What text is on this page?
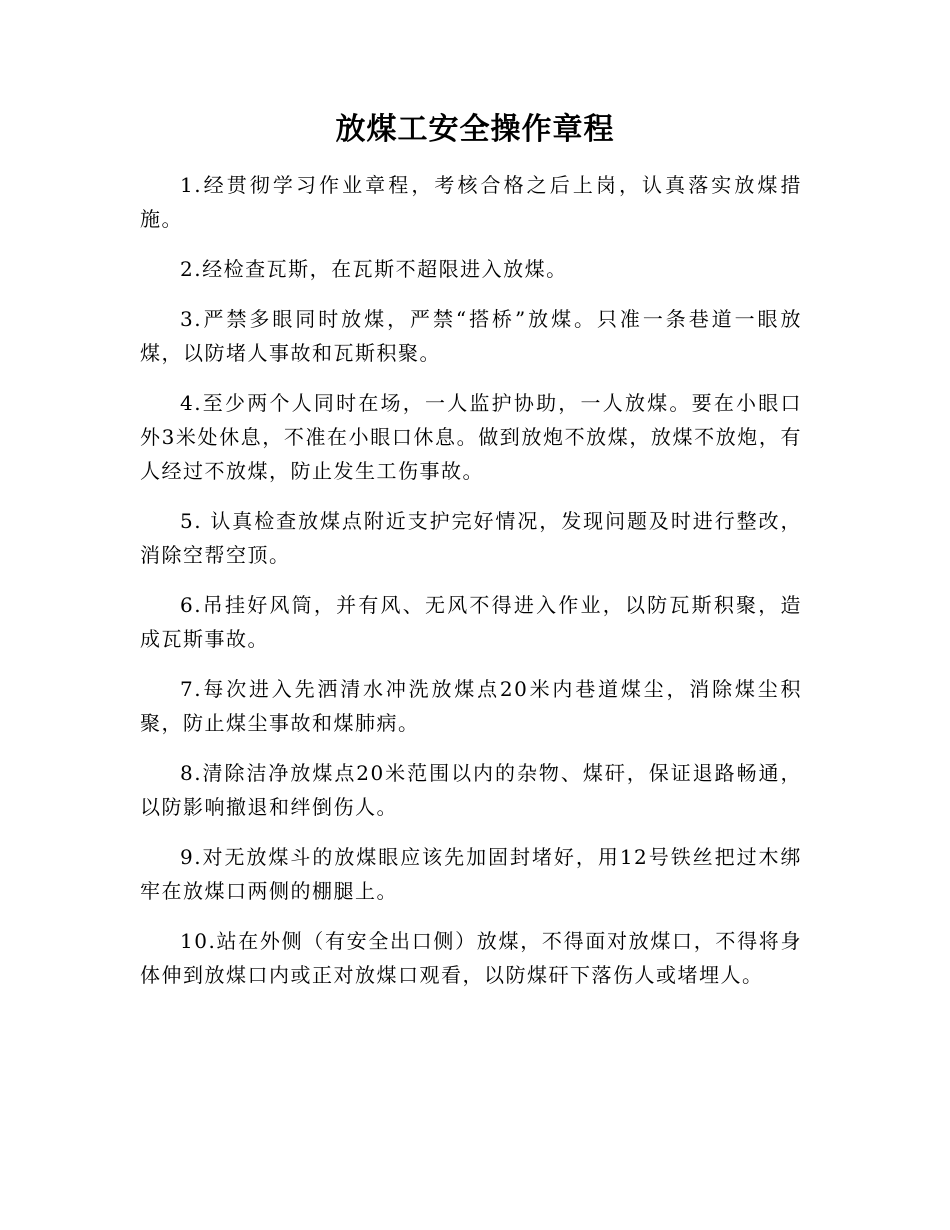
放煤工安全操作章程

1.经贯彻学习作业章程，考核合格之后上岗，认真落实放煤措施。

2.经检查瓦斯，在瓦斯不超限进入放煤。

3.严禁多眼同时放煤，严禁“搭桥”放煤。只准一条巷道一眼放煤，以防堵人事故和瓦斯积聚。

4.至少两个人同时在场，一人监护协助，一人放煤。要在小眼口外3米处休息，不准在小眼口休息。做到放炮不放煤，放煤不放炮，有人经过不放煤，防止发生工伤事故。

5. 认真检查放煤点附近支护完好情况，发现问题及时进行整改，消除空帮空顶。

6.吊挂好风筒，并有风、无风不得进入作业，以防瓦斯积聚，造成瓦斯事故。

7.每次进入先洒清水冲洗放煤点20米内巷道煤尘，消除煤尘积聚，防止煤尘事故和煤肺病。

8.清除洁净放煤点20米范围以内的杂物、煤矸，保证退路畅通，以防影响撤退和绊倒伤人。

9.对无放煤斗的放煤眼应该先加固封堵好，用12号铁丝把过木绑牢在放煤口两侧的棚腿上。

10.站在外侧（有安全出口侧）放煤，不得面对放煤口，不得将身体伸到放煤口内或正对放煤口观看，以防煤矸下落伤人或堵埋人。
